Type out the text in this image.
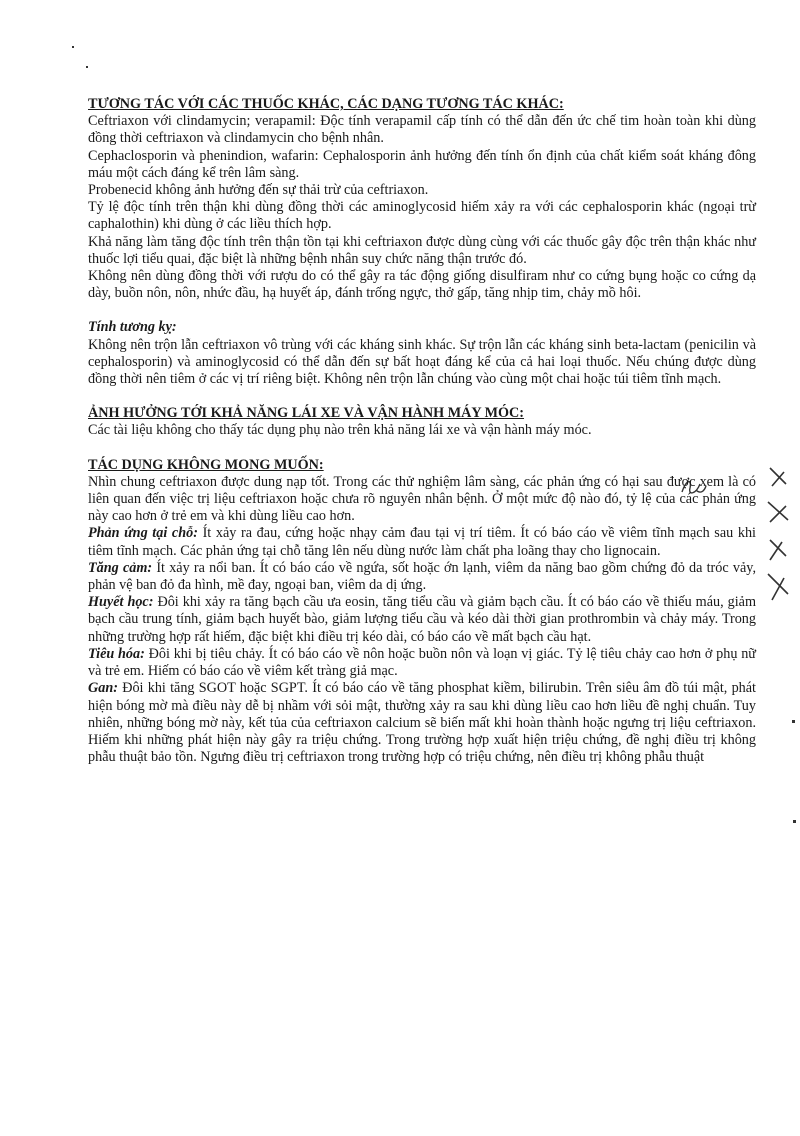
TƯƠNG TÁC VỚI CÁC THUỐC KHÁC, CÁC DẠNG TƯƠNG TÁC KHÁC:

Ceftriaxon với clindamycin; verapamil: Độc tính verapamil cấp tính có thể dẫn đến ức chế tim hoàn toàn khi dùng đồng thời ceftriaxon và clindamycin cho bệnh nhân.

Cephaclosporin và phenindion, wafarin: Cephalosporin ảnh hưởng đến tính ổn định của chất kiểm soát kháng đông máu một cách đáng kể trên lâm sàng.

Probenecid không ảnh hưởng đến sự thải trừ của ceftriaxon.

Tỷ lệ độc tính trên thận khi dùng đồng thời các aminoglycosid hiếm xảy ra với các cephalosporin khác (ngoại trừ caphalothin) khi dùng ở các liều thích hợp.

Khả năng làm tăng độc tính trên thận tồn tại khi ceftriaxon được dùng cùng với các thuốc gây độc trên thận khác như thuốc lợi tiểu quai, đặc biệt là những bệnh nhân suy chức năng thận trước đó.

Không nên dùng đồng thời với rượu do có thể gây ra tác động giống disulfiram như co cứng bụng hoặc co cứng dạ dày, buồn nôn, nôn, nhức đầu, hạ huyết áp, đánh trống ngực, thở gấp, tăng nhịp tim, chảy mồ hôi.

Tính tương kỵ:

Không nên trộn lẫn ceftriaxon vô trùng với các kháng sinh khác. Sự trộn lẫn các kháng sinh beta-lactam (penicilin và cephalosporin) và aminoglycosid có thể dẫn đến sự bất hoạt đáng kể của cả hai loại thuốc. Nếu chúng được dùng đồng thời nên tiêm ở các vị trí riêng biệt. Không nên trộn lẫn chúng vào cùng một chai hoặc túi tiêm tĩnh mạch.

ẢNH HƯỞNG TỚI KHẢ NĂNG LÁI XE VÀ VẬN HÀNH MÁY MÓC:

Các tài liệu không cho thấy tác dụng phụ nào trên khả năng lái xe và vận hành máy móc.

TÁC DỤNG KHÔNG MONG MUỐN:

Nhìn chung ceftriaxon được dung nạp tốt. Trong các thử nghiệm lâm sàng, các phản ứng có hại sau được xem là có liên quan đến việc trị liệu ceftriaxon hoặc chưa rõ nguyên nhân bệnh. Ở một mức độ nào đó, tỷ lệ của các phản ứng này cao hơn ở trẻ em và khi dùng liều cao hơn.

Phản ứng tại chỗ: Ít xảy ra đau, cứng hoặc nhạy cảm đau tại vị trí tiêm. Ít có báo cáo về viêm tĩnh mạch sau khi tiêm tĩnh mạch. Các phản ứng tại chỗ tăng lên nếu dùng nước làm chất pha loãng thay cho lignocain.

Tăng cảm: Ít xảy ra nổi ban. Ít có báo cáo về ngứa, sốt hoặc ớn lạnh, viêm da năng bao gồm chứng đỏ da tróc vảy, phản vệ ban đỏ đa hình, mề đay, ngoại ban, viêm da dị ứng.

Huyết học: Đôi khi xảy ra tăng bạch cầu ưa eosin, tăng tiểu cầu và giảm bạch cầu. Ít có báo cáo về thiếu máu, giảm bạch cầu trung tính, giảm bạch huyết bào, giảm lượng tiểu cầu và kéo dài thời gian prothrombin và chảy máy. Trong những trường hợp rất hiếm, đặc biệt khi điều trị kéo dài, có báo cáo về mất bạch cầu hạt.

Tiêu hóa: Đôi khi bị tiêu chảy. Ít có báo cáo về nôn hoặc buồn nôn và loạn vị giác. Tỷ lệ tiêu chảy cao hơn ở phụ nữ và trẻ em. Hiếm có báo cáo về viêm kết tràng giả mạc.

Gan: Đôi khi tăng SGOT hoặc SGPT. Ít có báo cáo về tăng phosphat kiềm, bilirubin. Trên siêu âm đồ túi mật, phát hiện bóng mờ mà điều này dễ bị nhầm với sỏi mật, thường xảy ra sau khi dùng liều cao hơn liều đề nghị chuẩn. Tuy nhiên, những bóng mờ này, kết tủa của ceftriaxon calcium sẽ biến mất khi hoàn thành hoặc ngưng trị liệu ceftriaxon. Hiếm khi những phát hiện này gây ra triệu chứng. Trong trường hợp xuất hiện triệu chứng, đề nghị điều trị không phẫu thuật bảo tồn. Ngưng điều trị ceftriaxon trong trường hợp có triệu chứng, nên điều trị không phẫu thuật
